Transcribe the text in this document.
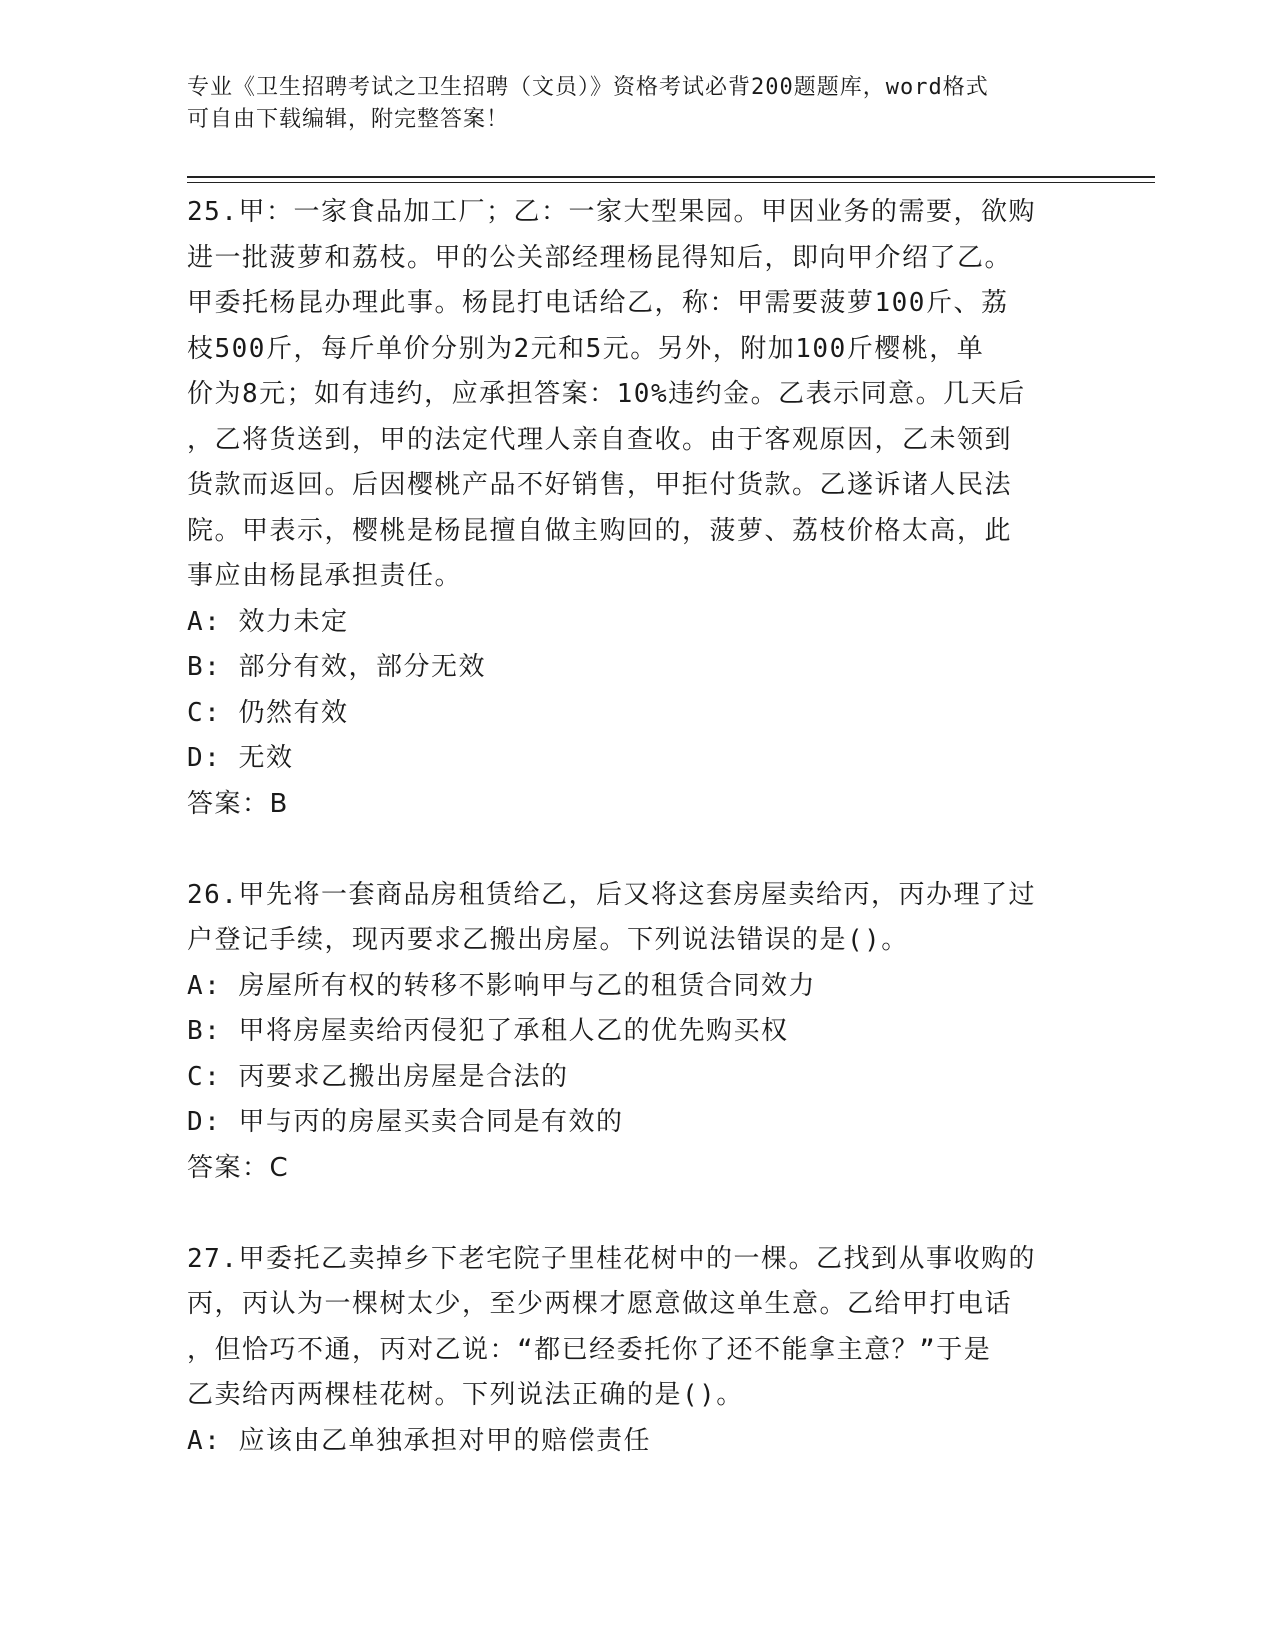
专业《卫生招聘考试之卫生招聘（文员）》资格考试必背200题题库，word格式
可自由下载编辑，附完整答案！
25.甲：一家食品加工厂；乙：一家大型果园。甲因业务的需要，欲购
进一批菠萝和荔枝。甲的公关部经理杨昆得知后，即向甲介绍了乙。
甲委托杨昆办理此事。杨昆打电话给乙，称：甲需要菠萝100斤、荔
枝500斤，每斤单价分别为2元和5元。另外，附加100斤樱桃，单
价为8元；如有违约，应承担答案：10%违约金。乙表示同意。几天后
，乙将货送到，甲的法定代理人亲自查收。由于客观原因，乙未领到
货款而返回。后因樱桃产品不好销售，甲拒付货款。乙遂诉诸人民法
院。甲表示，樱桃是杨昆擅自做主购回的，菠萝、荔枝价格太高，此
事应由杨昆承担责任。
A: 效力未定
B: 部分有效，部分无效
C: 仍然有效
D: 无效
答案：B
26.甲先将一套商品房租赁给乙，后又将这套房屋卖给丙，丙办理了过
户登记手续，现丙要求乙搬出房屋。下列说法错误的是()。
A: 房屋所有权的转移不影响甲与乙的租赁合同效力
B: 甲将房屋卖给丙侵犯了承租人乙的优先购买权
C: 丙要求乙搬出房屋是合法的
D: 甲与丙的房屋买卖合同是有效的
答案：C
27.甲委托乙卖掉乡下老宅院子里桂花树中的一棵。乙找到从事收购的
丙，丙认为一棵树太少，至少两棵才愿意做这单生意。乙给甲打电话
，但恰巧不通，丙对乙说：“都已经委托你了还不能拿主意？”于是
乙卖给丙两棵桂花树。下列说法正确的是()。
A: 应该由乙单独承担对甲的赔偿责任
